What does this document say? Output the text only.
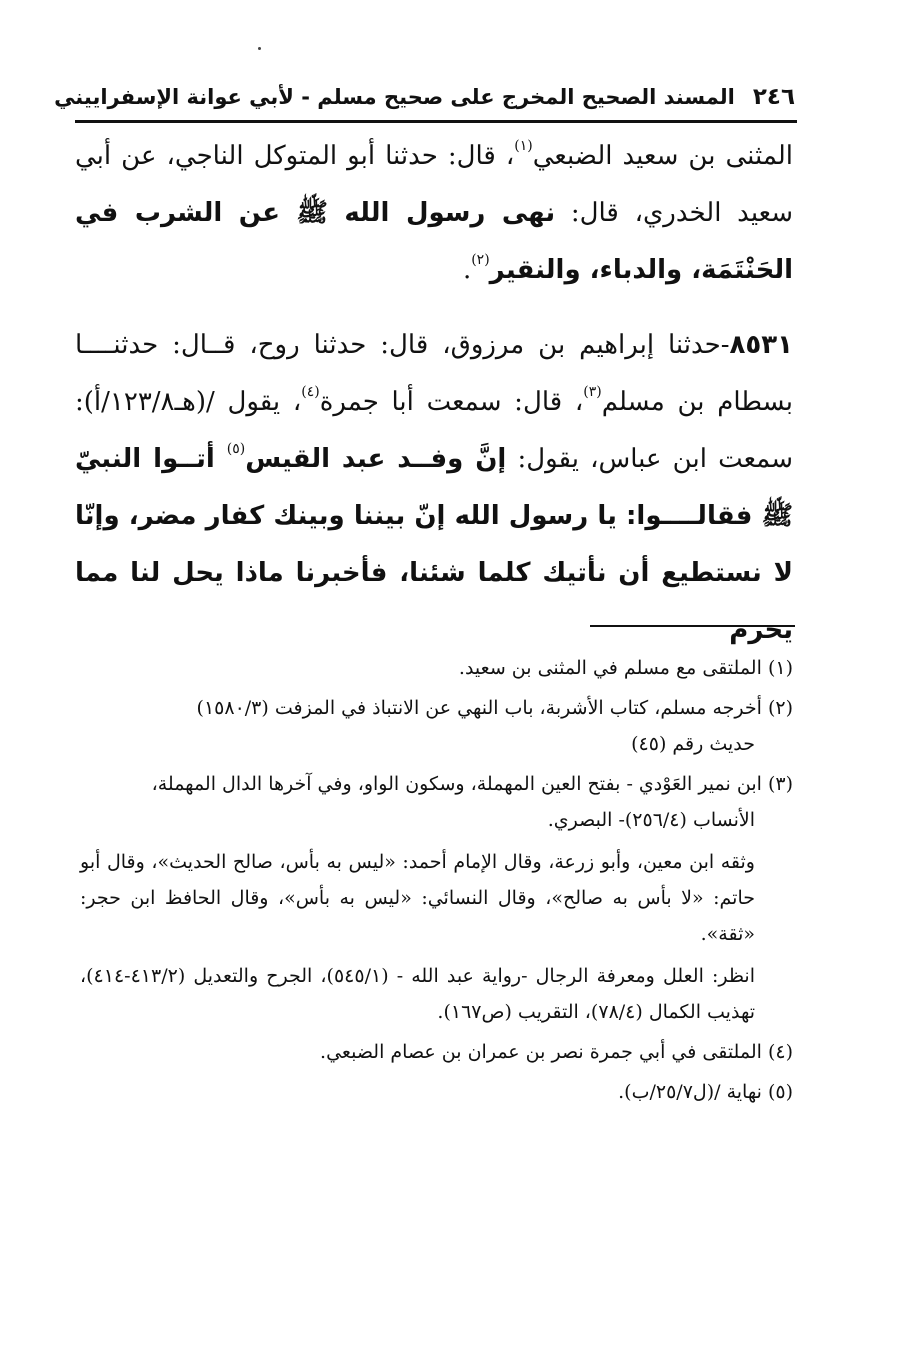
٢٤٦
المسند الصحيح المخرج على صحيح مسلم - لأبي عوانة الإسفراييني

المثنى بن سعيد الضبعي$^{(١)}$، قال: حدثنا أبو المتوكل الناجي، عن أبي سعيد الخدري، قال: نهى رسول الله ﷺ عن الشرب في الحَنْتَمَة، والدباء، والنقير$^{(٢)}$.

٨٥٣١-حدثنا إبراهيم بن مرزوق، قال: حدثنا روح، قــال: حدثنــــا بسطام بن مسلم$^{(٣)}$، قال: سمعت أبا جمرة$^{(٤)}$، يقول /(هـ١٢٣/٨/أ): سمعت ابن عباس، يقول: إنَّ وفــد عبد القيس$^{(٥)}$ أتــوا النبيّ ﷺ فقالــــوا: يا رسول الله إنّ بيننا وبينك كفار مضر، وإنّا لا نستطيع أن نأتيك كلما شئنا، فأخبرنا ماذا يحل لنا مما يحرم

(١) الملتقى مع مسلم في المثنى بن سعيد.

(٢) أخرجه مسلم، كتاب الأشربة، باب النهي عن الانتباذ في المزفت (١٥٨٠/٣)
حديث رقم (٤٥)

(٣) ابن نمير العَوْدي - بفتح العين المهملة، وسكون الواو، وفي آخرها الدال المهملة،
الأنساب (٢٥٦/٤)- البصري.
وثقه ابن معين، وأبو زرعة، وقال الإمام أحمد: «ليس به بأس، صالح الحديث»، وقال أبو حاتم: «لا بأس به صالح»، وقال النسائي: «ليس به بأس»، وقال الحافظ ابن حجر: «ثقة».
انظر: العلل ومعرفة الرجال -رواية عبد الله - (٥٤٥/١)، الجرح والتعديل (٤١٣/٢-٤١٤)، تهذيب الكمال (٧٨/٤)، التقريب (ص١٦٧).

(٤) الملتقى في أبي جمرة نصر بن عمران بن عصام الضبعي.

(٥) نهاية /(ل٢٥/٧/ب).
